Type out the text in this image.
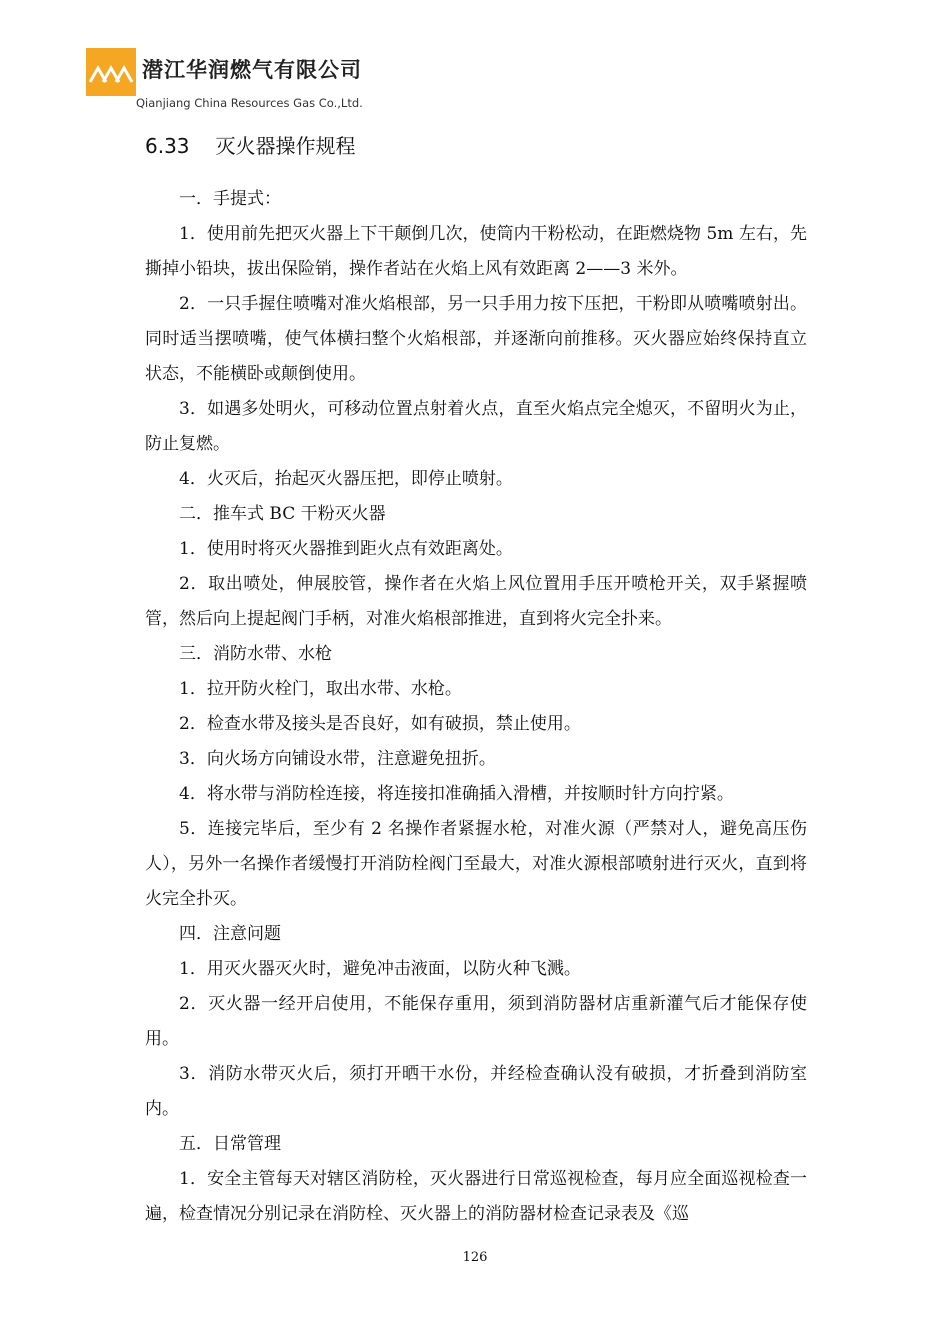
潜江华润燃气有限公司
Qianjiang China Resources Gas Co.,Ltd.
6.33 灭火器操作规程

一．手提式：

1．使用前先把灭火器上下干颠倒几次，使筒内干粉松动，在距燃烧物 5m 左右，先撕掉小铅块，拔出保险销，操作者站在火焰上风有效距离 2——3 米外。

2．一只手握住喷嘴对准火焰根部，另一只手用力按下压把，干粉即从喷嘴喷射出。同时适当摆喷嘴，使气体横扫整个火焰根部，并逐渐向前推移。灭火器应始终保持直立状态，不能横卧或颠倒使用。

3．如遇多处明火，可移动位置点射着火点，直至火焰点完全熄灭，不留明火为止，防止复燃。

4．火灭后，抬起灭火器压把，即停止喷射。

二．推车式 BC 干粉灭火器

1．使用时将灭火器推到距火点有效距离处。

2．取出喷处，伸展胶管，操作者在火焰上风位置用手压开喷枪开关，双手紧握喷管，然后向上提起阀门手柄，对准火焰根部推进，直到将火完全扑来。

三．消防水带、水枪

1．拉开防火栓门，取出水带、水枪。

2．检查水带及接头是否良好，如有破损，禁止使用。

3．向火场方向铺设水带，注意避免扭折。

4．将水带与消防栓连接，将连接扣准确插入滑槽，并按顺时针方向拧紧。

5．连接完毕后，至少有 2 名操作者紧握水枪，对准火源（严禁对人，避免高压伤人），另外一名操作者缓慢打开消防栓阀门至最大，对准火源根部喷射进行灭火，直到将火完全扑灭。

四．注意问题

1．用灭火器灭火时，避免冲击液面，以防火种飞溅。

2．灭火器一经开启使用，不能保存重用，须到消防器材店重新灌气后才能保存使用。

3．消防水带灭火后，须打开晒干水份，并经检查确认没有破损，才折叠到消防室内。

五．日常管理

1．安全主管每天对辖区消防栓，灭火器进行日常巡视检查，每月应全面巡视检查一遍，检查情况分别记录在消防栓、灭火器上的消防器材检查记录表及《巡

126
